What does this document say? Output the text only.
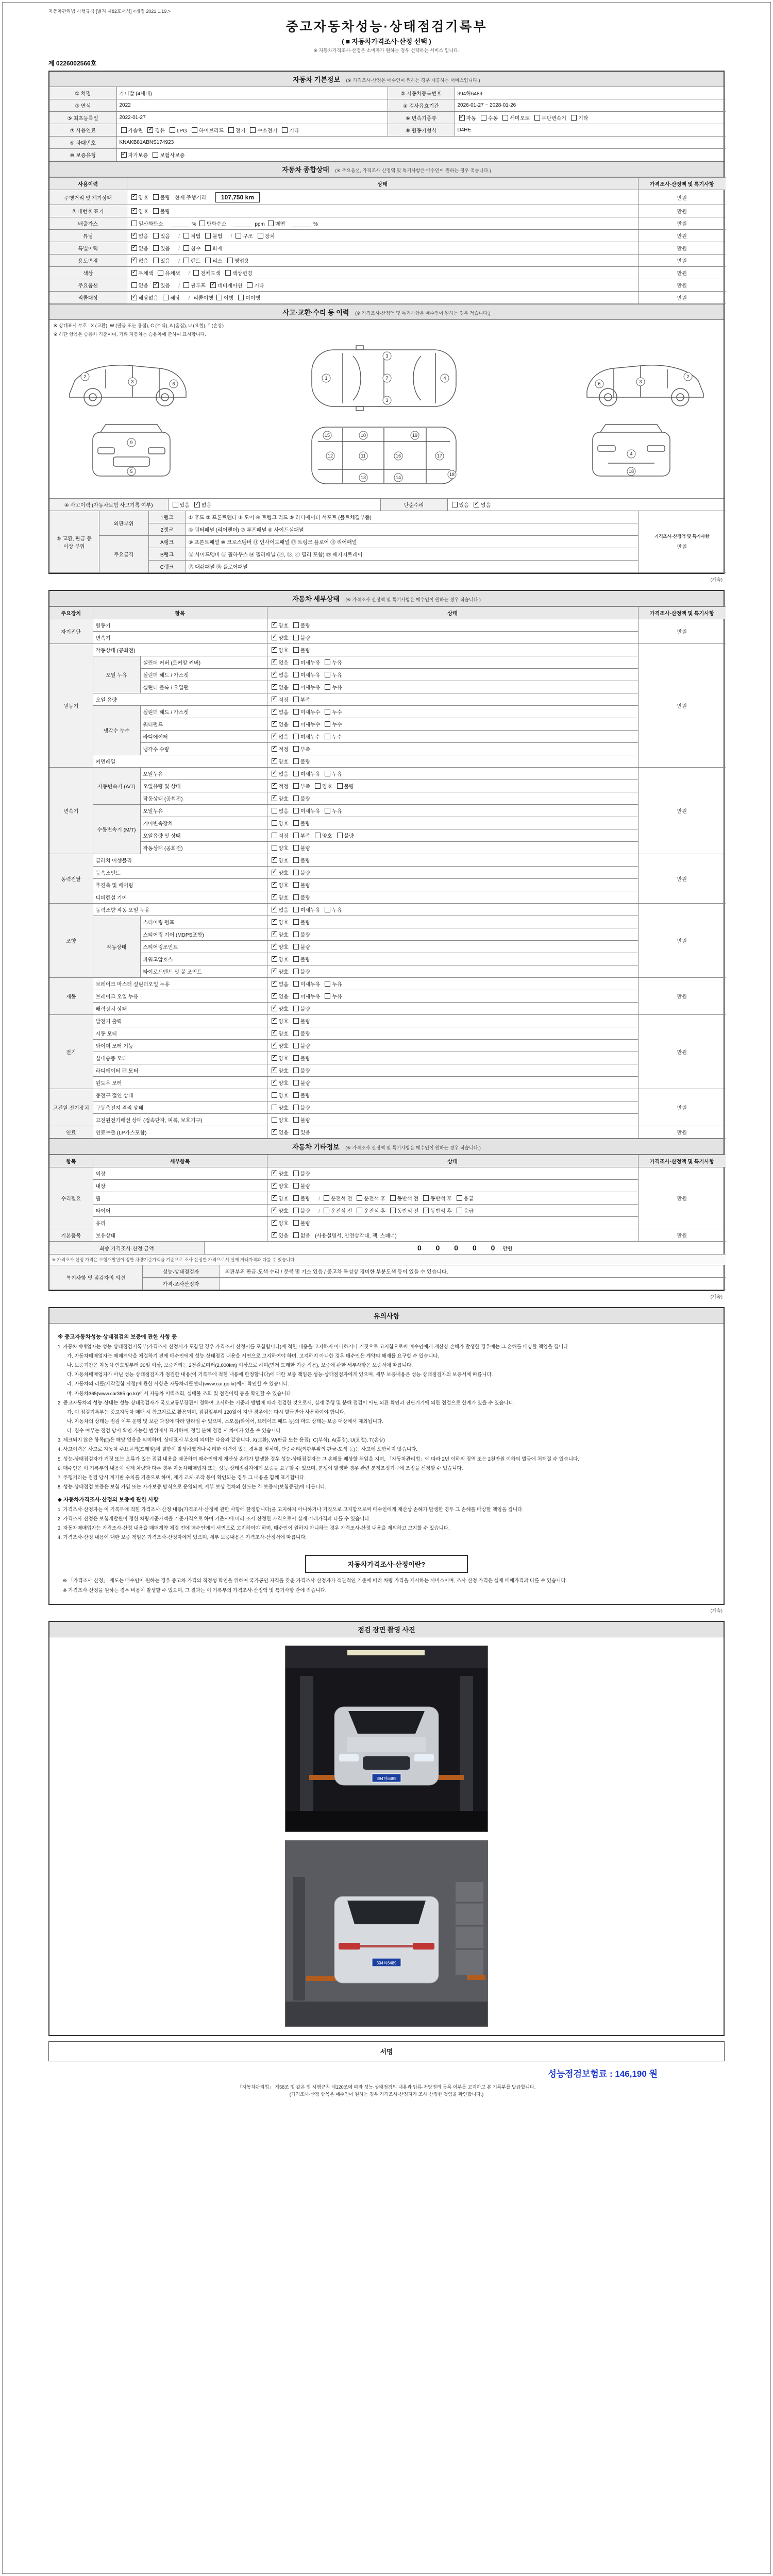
자동차관리법 시행규칙 [별지 제82호서식] <개정 2021.1.19.>
중고자동차성능·상태점검기록부
( ■ 자동차가격조사·산정 선택 )
※ 자동차가격조사·산정은 소비자가 원하는 경우 선택하는 서비스 입니다.
제 0226002566호
자동차 기본정보 (※ 가격조사·산정은 매수인이 원하는 경우 제공하는 서비스입니다.)
① 차명	카니발 (4세대)	② 자동차등록번호	394허6489
③ 연식	2022	④ 검사유효기간	2026-01-27 ~ 2028-01-26
⑤ 최초등록일	2022-01-27	⑥ 변속기종류	✓자동 수동 세미오토 무단변속기 기타
⑦ 사용연료	가솔린 ✓ 경유 LPG 하이브리드 전기 수소전기 기타	⑧ 원동기형식	D4HE
⑨ 차대번호	KNAKB81ABNS174923		
⑩ 보증유형	✓자가보증 보험사보증
자동차 종합상태 (※ 주요옵션, 가격조사·산정액 및 특기사항은 매수인이 원하는 경우 적습니다.)
사용이력	상태	가격조사·산정액 및 특기사항
주행거리 및 계기상태	✓양호 불량 현재 주행거리 107,750 km	만원
차대번호 표기	✓양호 불량	만원
배출가스	일산화탄소 % 탄화수소 ppm 매연 %	만원
튜닝	✓없음 있음 / 적법 불법 / 구조 장치	만원
특별이력	✓없음 있음 / 침수 화재	만원
용도변경	✓없음 있음 / 렌트 리스 영업용	만원
색상	✓무채색 유채색 / 전체도색 색상변경	만원
주요옵션	없음 ✓ 있음 / 썬루프 ✓ 네비게이션 기타	만원
리콜대상	✓해당없음 해당 / 리콜이행 이행 미이행	만원
사고·교환·수리 등 이력 (※ 가격조사·산정액 및 특기사항은 매수인이 원하는 경우 적습니다.)
※ 상태표시 부호 : X (교환), W (판금 또는 용접), C (부식), A (흠집), U (요철), T (손상)
※ 하단 항목은 승용차 기준이며, 기타 자동차는 승용차에 준하여 표시합니다.
2
3	6
1	7	4
3
3
2
3
6
9
5
15	10
12	11
13
16
14
19
17
18
4
18
④ 사고이력 (자동차보험 사고기록 여부)	있음 ✓ 없음	단순수리	있음 ✓ 없음
⑤ 교환, 판금 등 이상 부위	외판부위	1랭크	① 후드 ② 프론트펜더 ③ 도어 ④ 트렁크 리드 ⑤ 라디에이터 서포트 (볼트체결부품)	가격조사·산정액 및 특기사항
만원

		2랭크	⑥ 쿼터패널 (리어펜더) ⑦ 루프패널 ⑧ 사이드실패널	
	주요골격	A랭크	⑨ 프론트패널 ⑩ 크로스멤버 ⑪ 인사이드패널 ⑰ 트렁크 플로어 ⑱ 리어패널	
		B랭크	⑫ 사이드멤버 ⑬ 휠하우스 ⑭ 필러패널 (ⓐ, ⓑ, ⓒ 필러 포함) ⑲ 패키지트레이	
		C랭크	⑮ 대쉬패널 ⑯ 플로어패널	
(계속)
자동차 세부상태 (※ 가격조사·산정액 및 특기사항은 매수인이 원하는 경우 적습니다.)
주요장치	항목		상태	가격조사·산정액 및 특기사항
자기진단	원동기	✓양호 불량	만원
	변속기	✓양호 불량
원동기	작동상태 (공회전)	✓양호 불량	만원
	오일 누유	실린더 커버 (로커암 커버)	✓없음 미세누유 누유
		실린더 헤드 / 가스켓	✓없음 미세누유 누유
		실린더 블록 / 오일팬	✓없음 미세누유 누유
	오일 유량	✓적정 부족
	냉각수 누수	실린더 헤드 / 가스켓	✓없음 미세누수 누수
		워터펌프	✓없음 미세누수 누수
		라디에이터	✓없음 미세누수 누수
		냉각수 수량	✓적정 부족
	커먼레일	✓양호 불량
변속기	자동변속기 (A/T)	오일누유	✓없음 미세누유 누유	만원
		오일유량 및 상태	✓적정 부족 양호 불량
		작동상태 (공회전)	✓양호 불량
	수동변속기 (M/T)	오일누유	없음 미세누유 누유	
		기어변속장치	양호 불량	
		오일유량 및 상태	적정 부족 양호 불량	
		작동상태 (공회전)	양호 불량	
동력전달	클러치 어셈블리	✓양호 불량	만원
	등속조인트	✓양호 불량
	추진축 및 베어링	✓양호 불량
	디퍼렌셜 기어	✓양호 불량
조향	동력조향 작동 오일 누유	✓없음 미세누유 누유	만원
	작동상태	스티어링 펌프	✓양호 불량
		스티어링 기어 (MDPS포함)	✓양호 불량
		스티어링조인트	✓양호 불량
		파워고압호스	✓양호 불량
		타이로드엔드 및 볼 조인트	✓양호 불량
제동	브레이크 마스터 실린더오일 누유	✓없음 미세누유 누유	만원
	브레이크 오일 누유	✓없음 미세누유 누유
	배력장치 상태	✓양호 불량
전기	발전기 출력	✓양호 불량	만원
	시동 모터	✓양호 불량
	와이퍼 모터 기능	✓양호 불량
	실내송풍 모터	✓양호 불량
	라디에이터 팬 모터	✓양호 불량
	윈도우 모터	✓양호 불량
고전원 전기장치	충전구 절연 상태		양호 불량	만원
	구동축전지 격리 상태		양호 불량	
	고전원전기배선 상태 (접속단자, 피복, 보호기구)		양호 불량	
연료	연료누출 (LP가스포함)	✓없음 있음	만원
자동차 기타정보 (※ 가격조사·산정액 및 특기사항은 매수인이 원하는 경우 적습니다.)
항목	세부항목	상태	가격조사·산정액 및 특기사항
수리필요	외장	✓양호 불량	만원
	내장	✓양호 불량
	휠	✓양호 불량 / 운전석 전 운전석 후 동반석 전 동반석 후 응급
	타이어	✓양호 불량 / 운전석 전 운전석 후 동반석 전 동반석 후 응급
	유리	✓양호 불량
기본품목	보유상태	✓있음 없음 (사용설명서, 안전삼각대, 잭, 스패너)	만원
최종 가격조사·산정 금액	0 0 0 0 0 만원
※ 가격조사·산정 가격은 보험개발원이 정한 차량기준가액을 기준으로 조사·산정한 가격으로서 실제 거래가격과 다를 수 있습니다.
특기사항 및 점검자의 의견	성능·상태점검자	외판부위 판금·도색 수리 / 문콕 및 기스 있음 / 중고차 특성상 경미한 부분도색 등이 있을 수 있습니다.
	가격·조사산정자	
(계속)
유의사항

※ 중고자동차성능·상태점검의 보증에 관한 사항 등

1. 자동차매매업자는 성능·상태점검기록부(가격조사·산정서가 포함된 경우 가격조사·산정서를 포함합니다)에 적힌 내용을 고지하지 아니하거나 거짓으로 고지함으로써 매수인에게 재산상 손해가 발생한 경우에는 그 손해를 배상할 책임을 집니다.

가. 자동차매매업자는 매매계약을 체결하기 전에 매수인에게 성능·상태점검 내용을 서면으로 고지하여야 하며, 고지하지 아니한 경우 매수인은 계약의 해제를 요구할 수 있습니다.

나. 보증기간은 자동차 인도일부터 30일 이상, 보증거리는 2천킬로미터(2,000km) 이상으로 하며(먼저 도래한 기준 적용), 보증에 관한 세부사항은 보증서에 따릅니다.

다. 자동차매매업자가 아닌 성능·상태점검자가 점검한 내용(이 기록부에 적힌 내용에 한정합니다)에 대한 보증 책임은 성능·상태점검자에게 있으며, 세부 보증내용은 성능·상태점검자의 보증서에 따릅니다.

라. 자동차의 리콜(제작결함 시정)에 관한 사항은 자동차리콜센터(www.car.go.kr)에서 확인할 수 있습니다.

마. 자동차365(www.car365.go.kr)에서 자동차 이력조회, 실매물 조회 및 점검이력 등을 확인할 수 있습니다.

2. 중고자동차의 성능·상태는 성능·상태점검자가 국토교통부장관이 정하여 고시하는 기준과 방법에 따라 점검한 것으로서, 실제 주행 및 분해 점검이 아닌 외관 확인과 진단기기에 의한 점검으로 한계가 있을 수 있습니다.

가. 이 점검기록부는 중고자동차 매매 시 참고자료로 활용되며, 점검일부터 120일이 지난 경우에는 다시 발급받아 사용하여야 합니다.

나. 자동차의 상태는 점검 이후 운행 및 보관 과정에 따라 달라질 수 있으며, 소모품(타이어, 브레이크 패드 등)의 마모 상태는 보증 대상에서 제외됩니다.

다. 침수 여부는 점검 당시 확인 가능한 범위에서 표기하며, 정밀 분해 점검 시 차이가 있을 수 있습니다.

3. 체크되지 않은 항목(□)은 해당 없음을 의미하며, 상태표시 부호의 의미는 다음과 같습니다. X(교환), W(판금 또는 용접), C(부식), A(흠집), U(요철), T(손상)

4. 사고이력은 사고로 자동차 주요골격(프레임)에 결함이 발생하였거나 수리한 이력이 있는 경우를 말하며, 단순수리(외판부위의 판금·도색 등)는 사고에 포함하지 않습니다.

5. 성능·상태점검자가 거짓 또는 오류가 있는 점검 내용을 제공하여 매수인에게 재산상 손해가 발생한 경우 성능·상태점검자는 그 손해를 배상할 책임을 지며, 「자동차관리법」에 따라 2년 이하의 징역 또는 2천만원 이하의 벌금에 처해질 수 있습니다.

6. 매수인은 이 기록부의 내용이 실제 차량과 다른 경우 자동차매매업자 또는 성능·상태점검자에게 보증을 요구할 수 있으며, 분쟁이 발생한 경우 관련 분쟁조정기구에 조정을 신청할 수 있습니다.

7. 주행거리는 점검 당시 계기판 수치를 기준으로 하며, 계기 교체·조작 등이 확인되는 경우 그 내용을 함께 표기합니다.

8. 성능·상태점검 보증은 보험 가입 또는 자가보증 방식으로 운영되며, 세부 보상 절차와 한도는 각 보증서(보험증권)에 따릅니다.

◆ 자동차가격조사·산정의 보증에 관한 사항

1. 가격조사·산정자는 이 기록부에 적힌 가격조사·산정 내용(가격조사·산정에 관한 사항에 한정합니다)을 고지하지 아니하거나 거짓으로 고지함으로써 매수인에게 재산상 손해가 발생한 경우 그 손해를 배상할 책임을 집니다.

2. 가격조사·산정은 보험개발원이 정한 차량기준가액을 기준가격으로 하여 기준서에 따라 조사·산정한 가격으로서 실제 거래가격과 다를 수 있습니다.

3. 자동차매매업자는 가격조사·산정 내용을 매매계약 체결 전에 매수인에게 서면으로 고지하여야 하며, 매수인이 원하지 아니하는 경우 가격조사·산정 내용을 제외하고 고지할 수 있습니다.

4. 가격조사·산정 내용에 대한 보증 책임은 가격조사·산정자에게 있으며, 세부 보증내용은 가격조사·산정서에 따릅니다.

자동차가격조사·산정이란?

※ 「가격조사·산정」 제도는 매수인이 원하는 경우 중고차 가격의 적정성 확인을 위하여 국가공인 자격을 갖춘 가격조사·산정자가 객관적인 기준에 따라 차량 가격을 제시하는 서비스이며, 조사·산정 가격은 실제 매매가격과 다를 수 있습니다.

※ 가격조사·산정을 원하는 경우 비용이 발생할 수 있으며, 그 결과는 이 기록부의 가격조사·산정액 및 특기사항 란에 적습니다.

(계속)
점검 장면 촬영 사진
394허6489
394허6489
서명
성능점검보험료 : 146,190 원
「자동차관리법」 제58조 및 같은 법 시행규칙 제120조에 따라 성능·상태점검의 내용과 압류·저당권의 등록 여부를 고지하고 본 기록부를 발급합니다.
(가격조사·산정 항목은 매수인이 원하는 경우 가격조사·산정자가 조사·산정한 것임을 확인합니다.)
